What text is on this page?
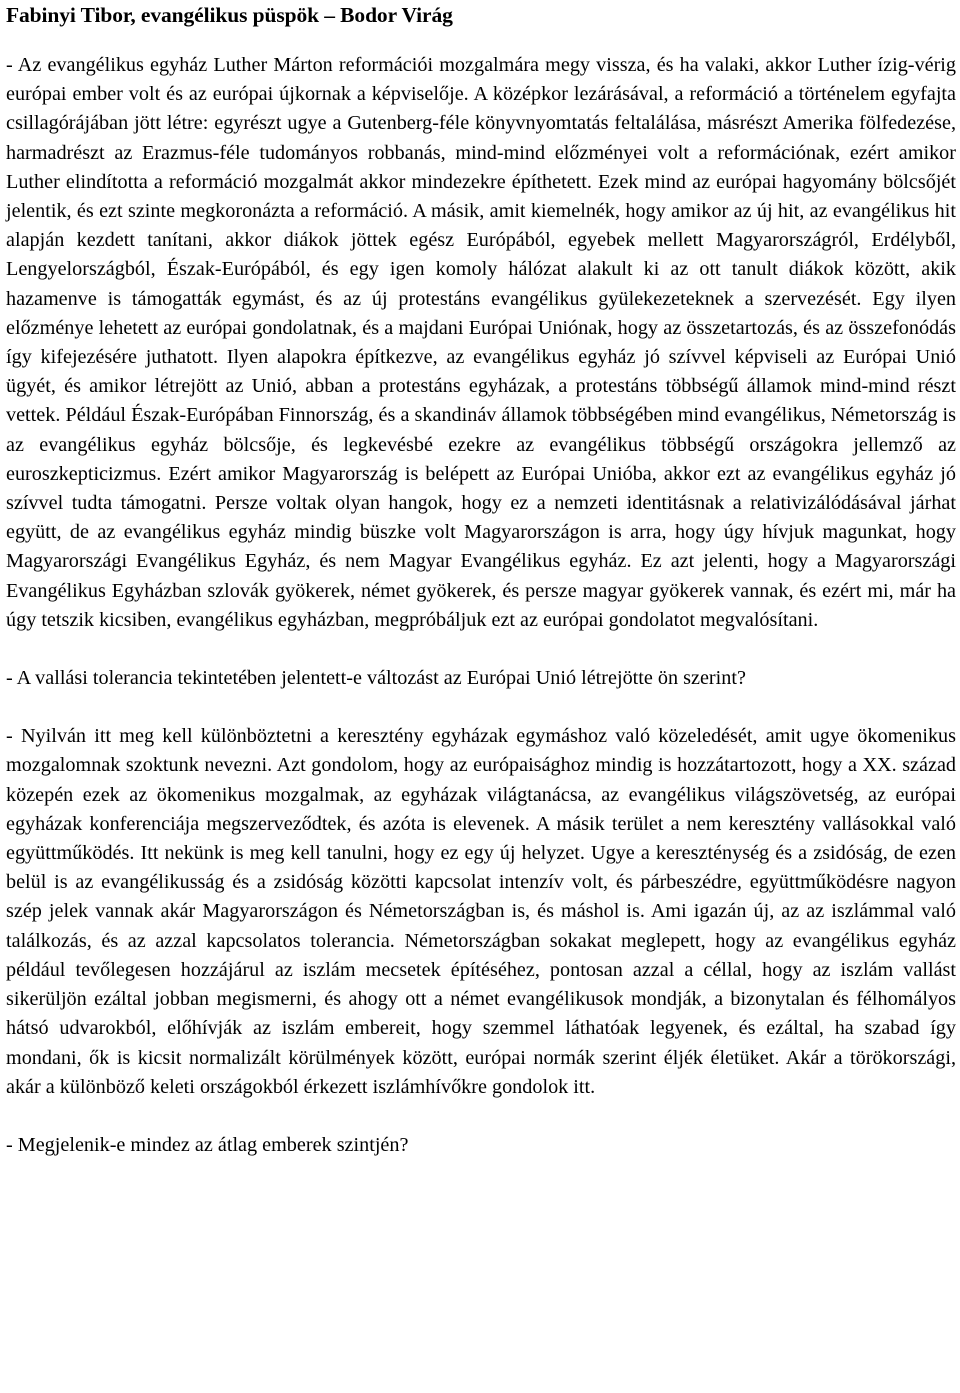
Fabinyi Tibor, evangélikus püspök – Bodor Virág

- Az evangélikus egyház Luther Márton reformációi mozgalmára megy vissza, és ha valaki, akkor Luther ízig-vérig európai ember volt és az európai újkornak a képviselője. A középkor lezárásával, a reformáció a történelem egyfajta csillagórájában jött létre: egyrészt ugye a Gutenberg-féle könyvnyomtatás feltalálása, másrészt Amerika fölfedezése, harmadrészt az Erazmus-féle tudományos robbanás, mind-mind előzményei volt a reformációnak, ezért amikor Luther elindította a reformáció mozgalmát akkor mindezekre építhetett. Ezek mind az európai hagyomány bölcsőjét jelentik, és ezt szinte megkoronázta a reformáció. A másik, amit kiemelnék, hogy amikor az új hit, az evangélikus hit alapján kezdett tanítani, akkor diákok jöttek egész Európából, egyebek mellett Magyarországról, Erdélyből, Lengyelországból, Észak-Európából, és egy igen komoly hálózat alakult ki az ott tanult diákok között, akik hazamenve is támogatták egymást, és az új protestáns evangélikus gyülekezeteknek a szervezését. Egy ilyen előzménye lehetett az európai gondolatnak, és a majdani Európai Uniónak, hogy az összetartozás, és az összefonódás így kifejezésére juthatott. Ilyen alapokra építkezve, az evangélikus egyház jó szívvel képviseli az Európai Unió ügyét, és amikor létrejött az Unió, abban a protestáns egyházak, a protestáns többségű államok mind-mind részt vettek. Például Észak-Európában Finnország, és a skandináv államok többségében mind evangélikus, Németország is az evangélikus egyház bölcsője, és legkevésbé ezekre az evangélikus többségű országokra jellemző az euroszkepticizmus. Ezért amikor Magyarország is belépett az Európai Unióba, akkor ezt az evangélikus egyház jó szívvel tudta támogatni. Persze voltak olyan hangok, hogy ez a nemzeti identitásnak a relativizálódásával járhat együtt, de az evangélikus egyház mindig büszke volt Magyarországon is arra, hogy úgy hívjuk magunkat, hogy Magyarországi Evangélikus Egyház, és nem Magyar Evangélikus egyház. Ez azt jelenti, hogy a Magyarországi Evangélikus Egyházban szlovák gyökerek, német gyökerek, és persze magyar gyökerek vannak, és ezért mi, már ha úgy tetszik kicsiben, evangélikus egyházban, megpróbáljuk ezt az európai gondolatot megvalósítani.

- A vallási tolerancia tekintetében jelentett-e változást az Európai Unió létrejötte ön szerint?

- Nyilván itt meg kell különböztetni a keresztény egyházak egymáshoz való közeledését, amit ugye ökomenikus mozgalomnak szoktunk nevezni. Azt gondolom, hogy az európaisághoz mindig is hozzátartozott, hogy a XX. század közepén ezek az ökomenikus mozgalmak, az egyházak világtanácsa, az evangélikus világszövetség, az európai egyházak konferenciája megszerveződtek, és azóta is elevenek. A másik terület a nem keresztény vallásokkal való együttműködés. Itt nekünk is meg kell tanulni, hogy ez egy új helyzet. Ugye a kereszténység és a zsidóság, de ezen belül is az evangélikusság és a zsidóság közötti kapcsolat intenzív volt, és párbeszédre, együttműködésre nagyon szép jelek vannak akár Magyarországon és Németországban is, és máshol is. Ami igazán új, az az iszlámmal való találkozás, és az azzal kapcsolatos tolerancia. Németországban sokakat meglepett, hogy az evangélikus egyház például tevőlegesen hozzájárul az iszlám mecsetek építéséhez, pontosan azzal a céllal, hogy az iszlám vallást sikerüljön ezáltal jobban megismerni, és ahogy ott a német evangélikusok mondják, a bizonytalan és félhomályos hátsó udvarokból, előhívják az iszlám embereit, hogy szemmel láthatóak legyenek, és ezáltal, ha szabad így mondani, ők is kicsit normalizált körülmények között, európai normák szerint éljék életüket. Akár a törökországi, akár a különböző keleti országokból érkezett iszlámhívőkre gondolok itt.

- Megjelenik-e mindez az átlag emberek szintjén?
